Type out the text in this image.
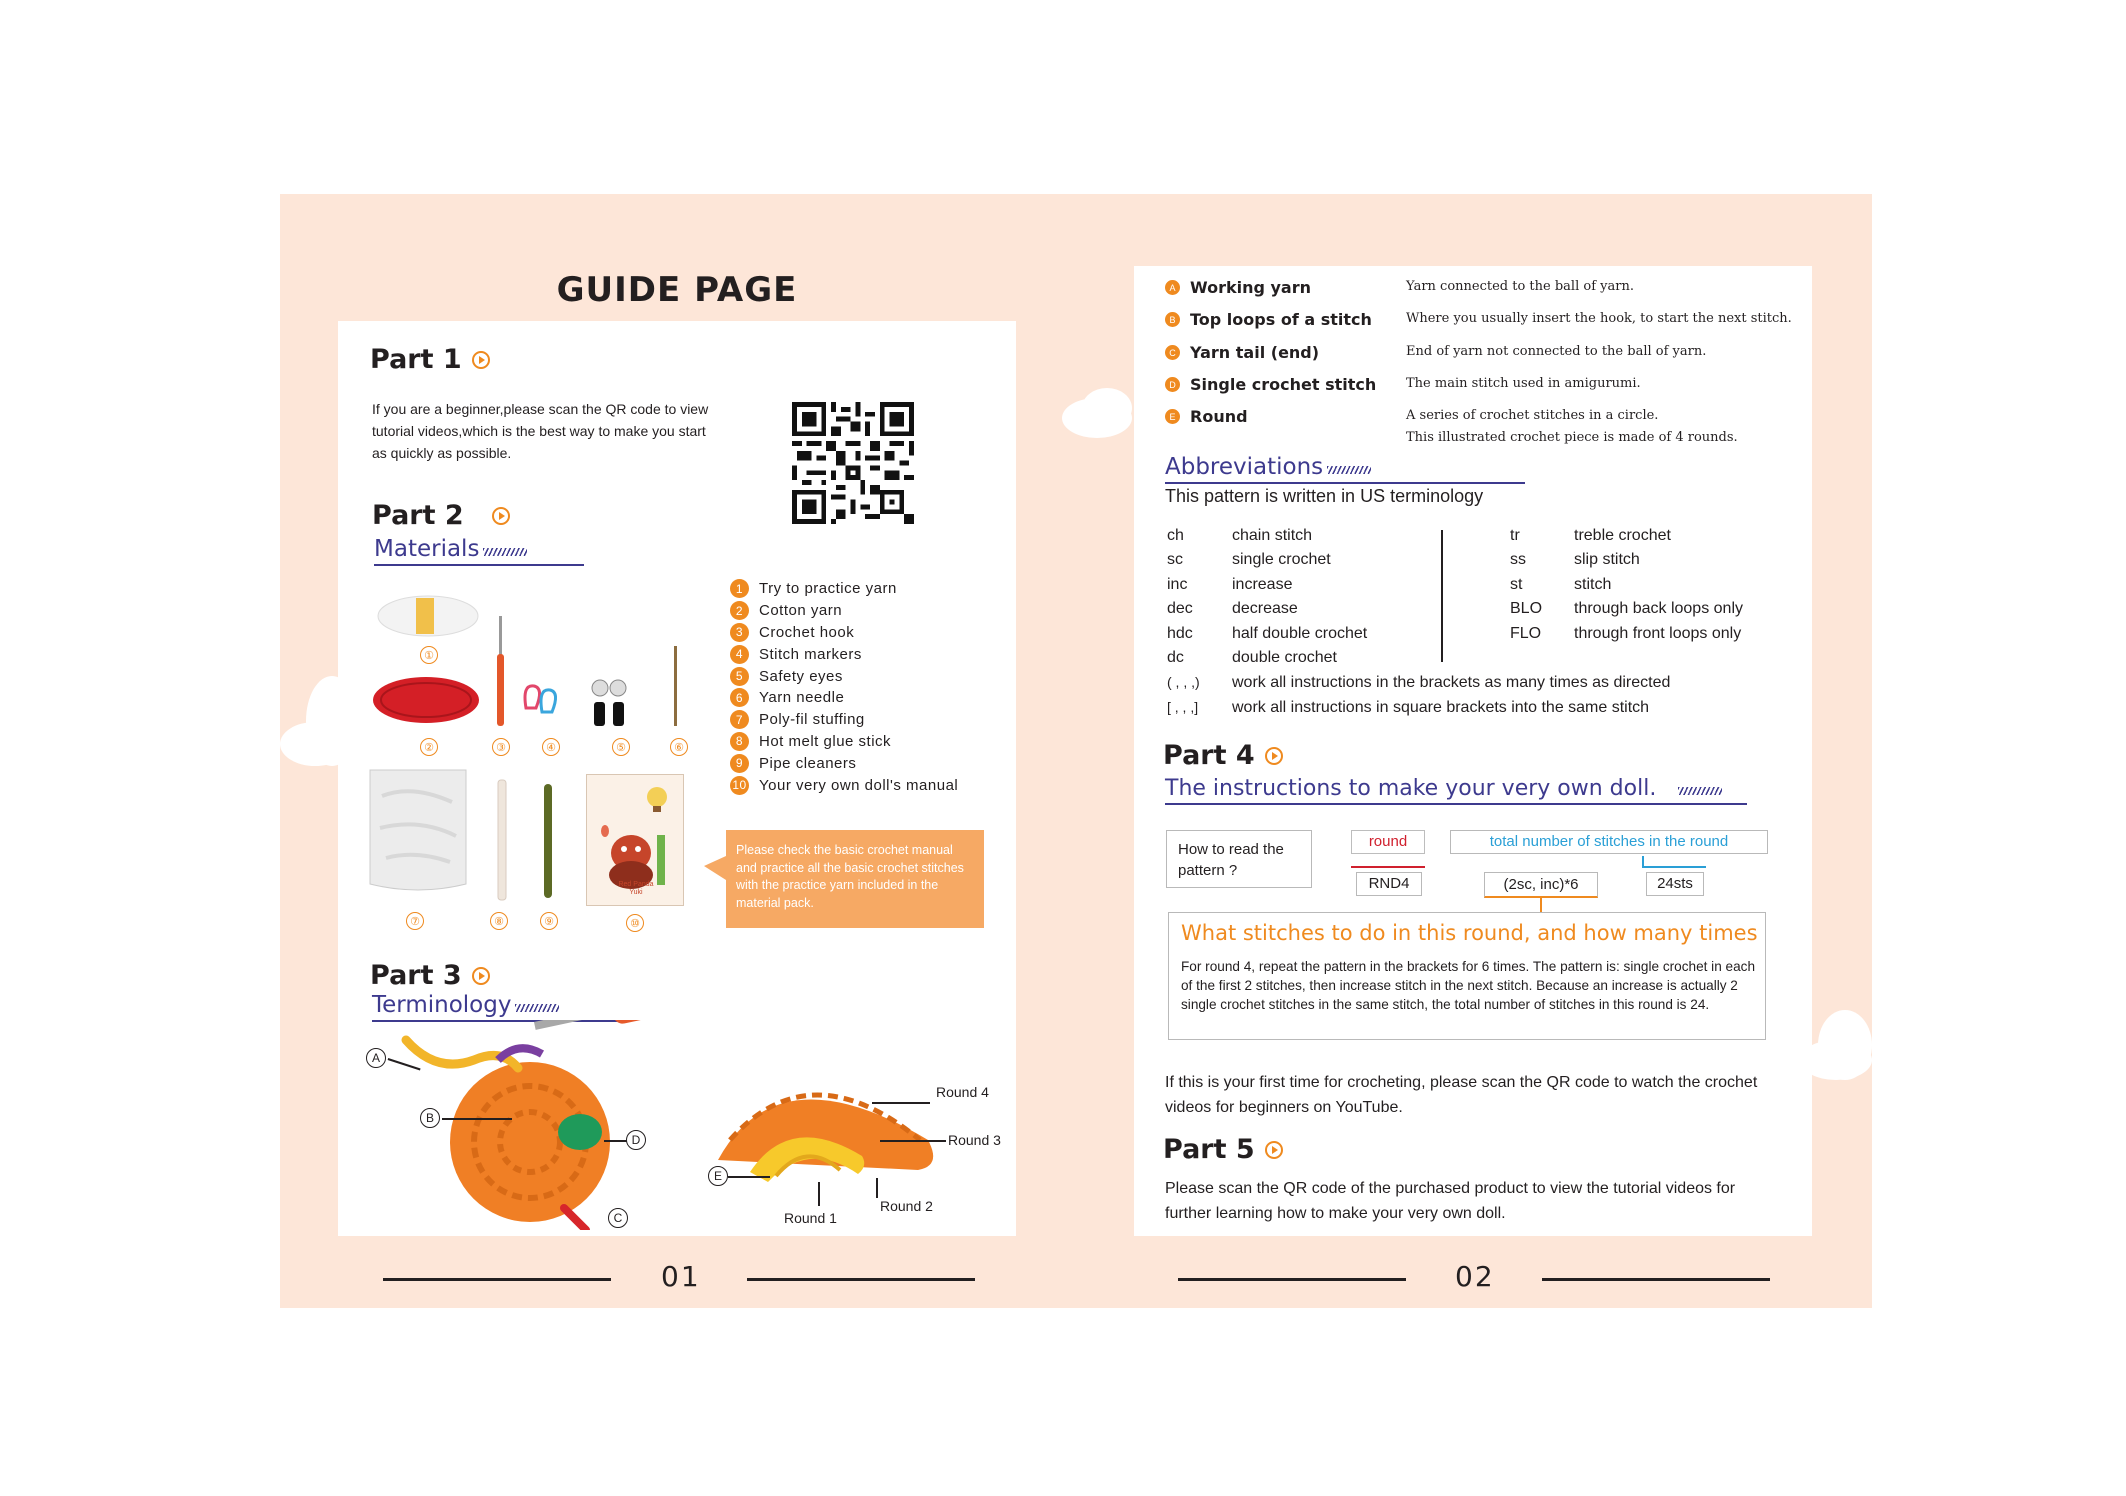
GUIDE PAGE
Part 1
If you are a beginner,please scan the QR code to view tutorial videos,which is the best way to make you start as quickly as possible.
Part 2
Materials
Red Panda
Yuki
①
②	③	④	⑤	⑥
⑦	⑧	⑨	⑩
1	Try to practice yarn
2	Cotton yarn
3	Crochet hook
4	Stitch markers
5	Safety eyes
6	Yarn needle
7	Poly-fil stuffing
8	Hot melt glue stick
9	Pipe cleaners
10 Your very own doll's manual
Please check the basic crochet manual and practice all the basic crochet stitches with the practice yarn included in the material pack.
Part 3
Terminology
A
B
D
C
E
Round 4
Round 3
Round 2
Round 1
01
A Working yarn	Yarn connected to the ball of yarn.
B Top loops of a stitch	Where you usually insert the hook, to start the next stitch.
C Yarn tail (end)	End of yarn not connected to the ball of yarn.
D Single crochet stitch	The main stitch used in amigurumi.
E Round	A series of crochet stitches in a circle.
This illustrated crochet piece is made of 4 rounds.
Abbreviations
This pattern is written in US terminology
ch	chain stitch
sc	single crochet
inc	increase
dec decrease
hdc half double crochet
dc	double crochet
tr	treble crochet
ss	slip stitch
st	stitch
BLO through back loops only
FLO through front loops only
( , , ,) work all instructions in the brackets as many times as directed
[ , , ,] work all instructions in square brackets into the same stitch
Part 4
The instructions to make your very own doll.
How to read the pattern ?
round
RND4
total number of stitches in the round
24sts
(2sc, inc)*6
What stitches to do in this round, and how many times
For round 4, repeat the pattern in the brackets for 6 times. The pattern is: single crochet in each of the first 2 stitches, then increase stitch in the next stitch. Because an increase is actually 2 single crochet stitches in the same stitch, the total number of stitches in this round is 24.
If this is your first time for crocheting, please scan the QR code to watch the crochet videos for beginners on YouTube.
Part 5
Please scan the QR code of the purchased product to view the tutorial videos for further learning how to make your very own doll.
02
